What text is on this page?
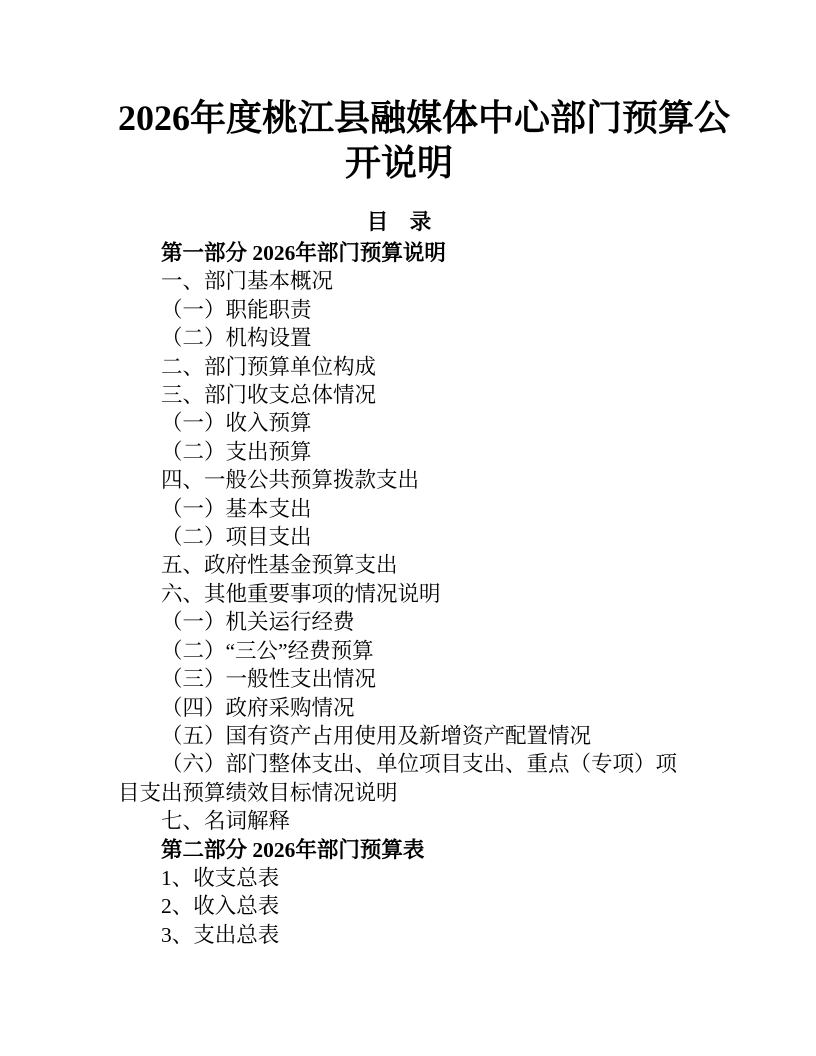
2026年度桃江县融媒体中心部门预算公
开说明
目　录

第一部分 2026年部门预算说明

一、部门基本概况

（一）职能职责

（二）机构设置

二、部门预算单位构成

三、部门收支总体情况

（一）收入预算

（二）支出预算

四、一般公共预算拨款支出

（一）基本支出

（二）项目支出

五、政府性基金预算支出

六、其他重要事项的情况说明

（一）机关运行经费

（二）“三公”经费预算

（三）一般性支出情况

（四）政府采购情况

（五）国有资产占用使用及新增资产配置情况

（六）部门整体支出、单位项目支出、重点（专项）项目支出预算绩效目标情况说明

七、名词解释

第二部分 2026年部门预算表

1、收支总表

2、收入总表

3、支出总表
